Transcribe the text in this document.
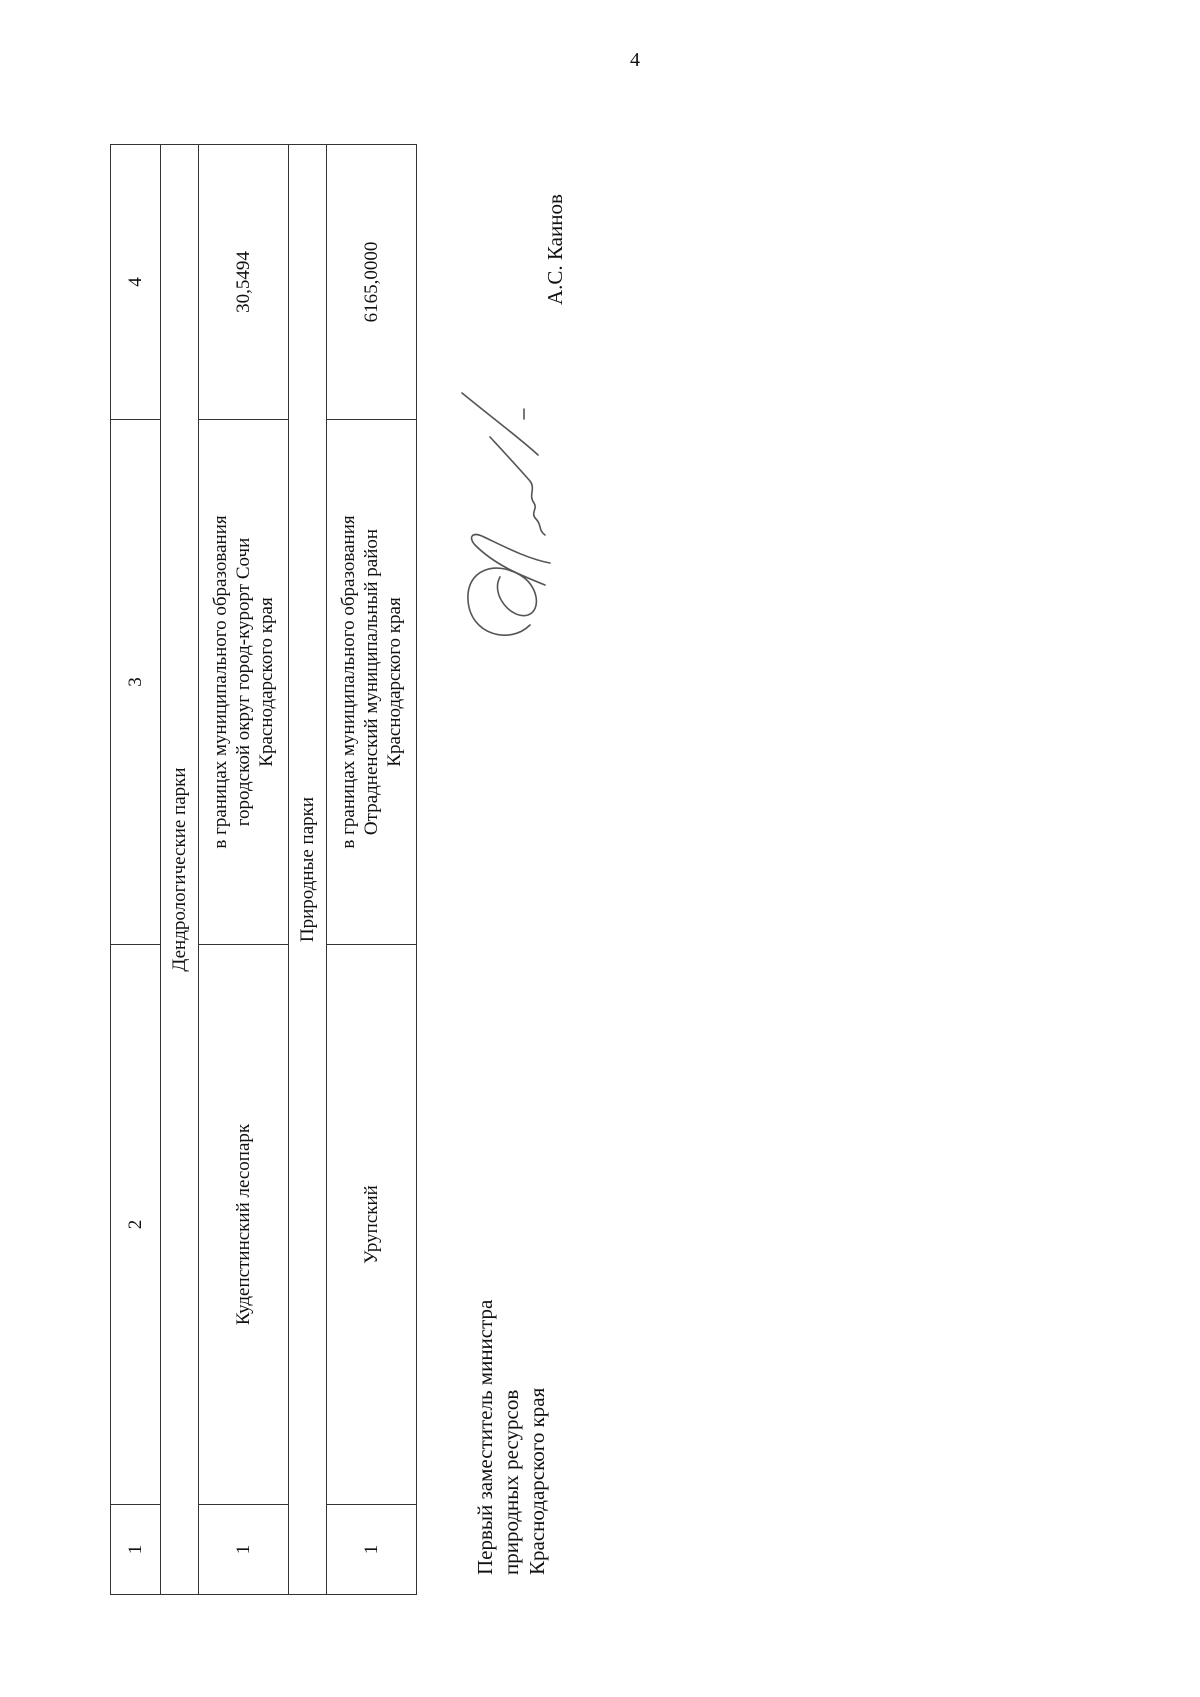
4
1	2	3	4
Дендрологические парки			
1	Кудепстинский лесопарк	в границах муниципального образования городской округ город-курорт Сочи Краснодарского края	30,5494
Природные парки			
1	Урупский	в границах муниципального образования Отрадненский муниципальный район Краснодарского края	6165,0000
Первый заместитель министра природных ресурсов Краснодарского края
А.С. Каинов
